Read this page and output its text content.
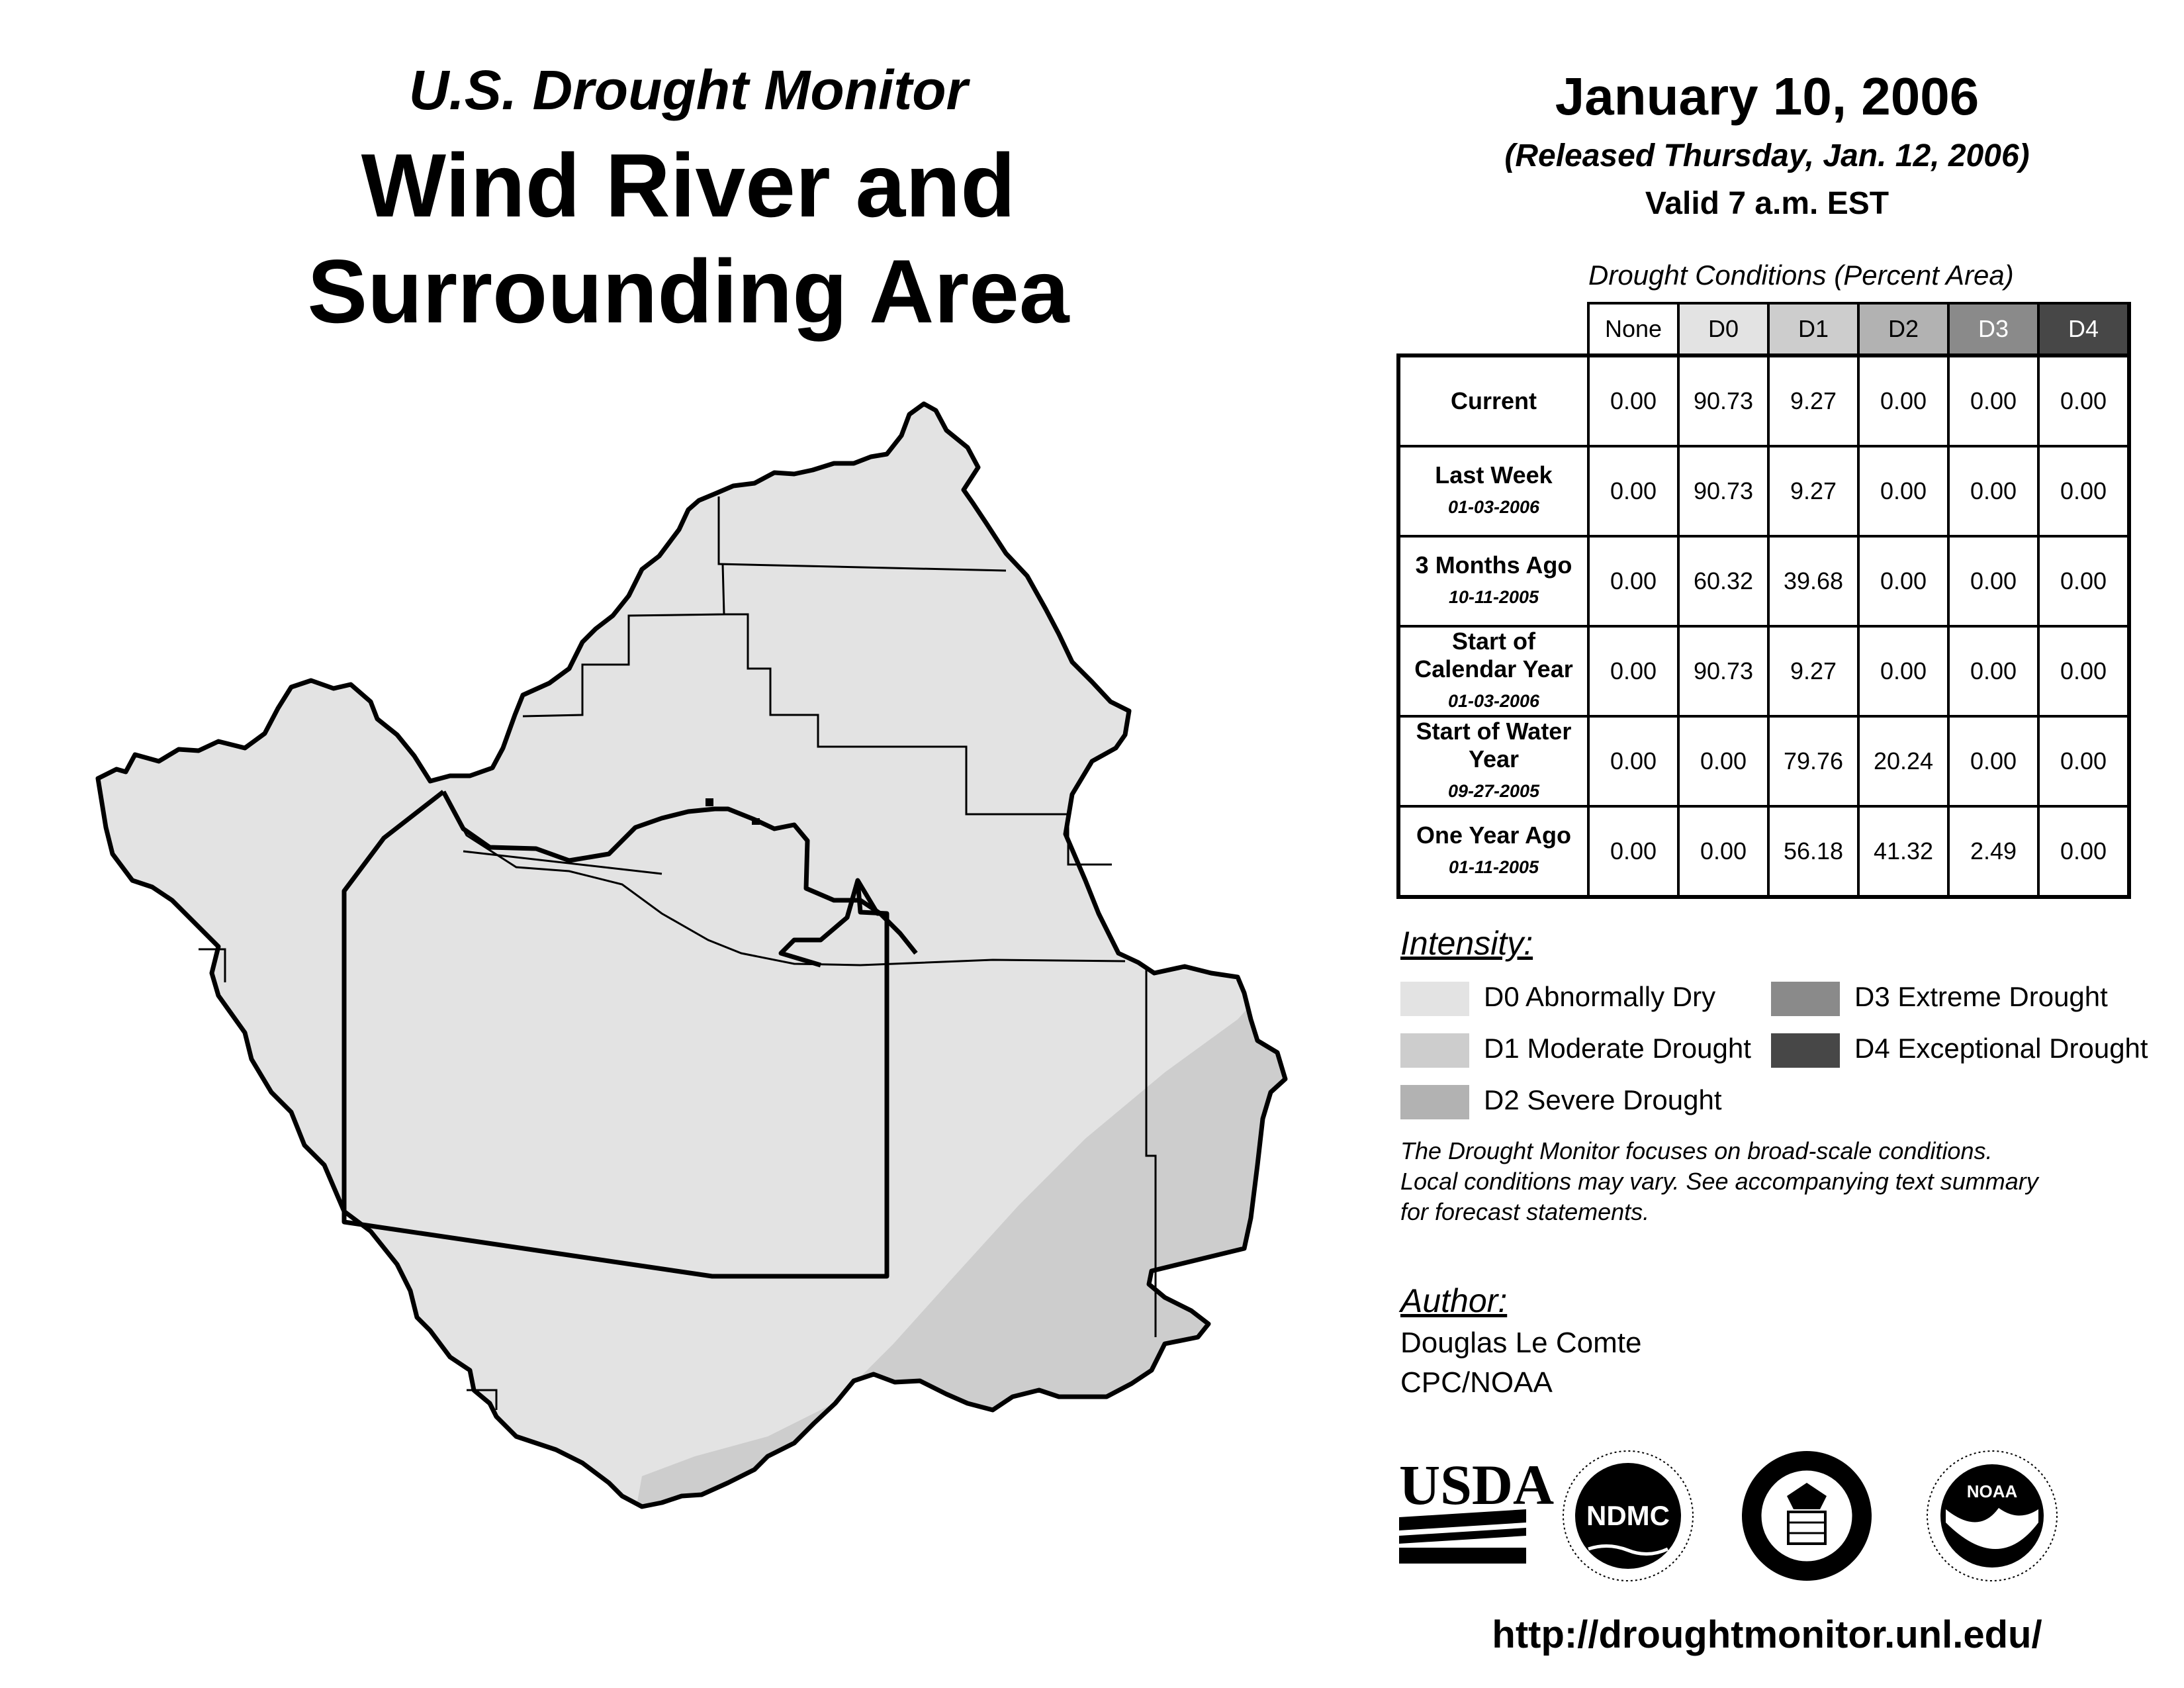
U.S. Drought Monitor
Wind River and
Surrounding Area
January 10, 2006
(Released Thursday, Jan. 12, 2006)
Valid 7 a.m. EST
Drought Conditions (Percent Area)
	None	D0	D1	D2	D3	D4
Current	0.00	90.73	9.27	0.00	0.00	0.00
Last Week
01-03-2006	0.00	90.73	9.27	0.00	0.00	0.00
3 Months Ago
10-11-2005	0.00	60.32	39.68	0.00	0.00	0.00
Start of Calendar Year
01-03-2006	0.00	90.73	9.27	0.00	0.00	0.00
Start of Water Year
09-27-2005	0.00	0.00	79.76	20.24	0.00	0.00
One Year Ago
01-11-2005	0.00	0.00	56.18	41.32	2.49	0.00
Intensity:
D0 Abnormally Dry
D1 Moderate Drought
D2 Severe Drought
D3 Extreme Drought
D4 Exceptional Drought
The Drought Monitor focuses on broad-scale conditions.
Local conditions may vary. See accompanying text summary
for forecast statements.
Author:
Douglas Le Comte
CPC/NOAA
USDA NDMC
NOAA
http://droughtmonitor.unl.edu/
